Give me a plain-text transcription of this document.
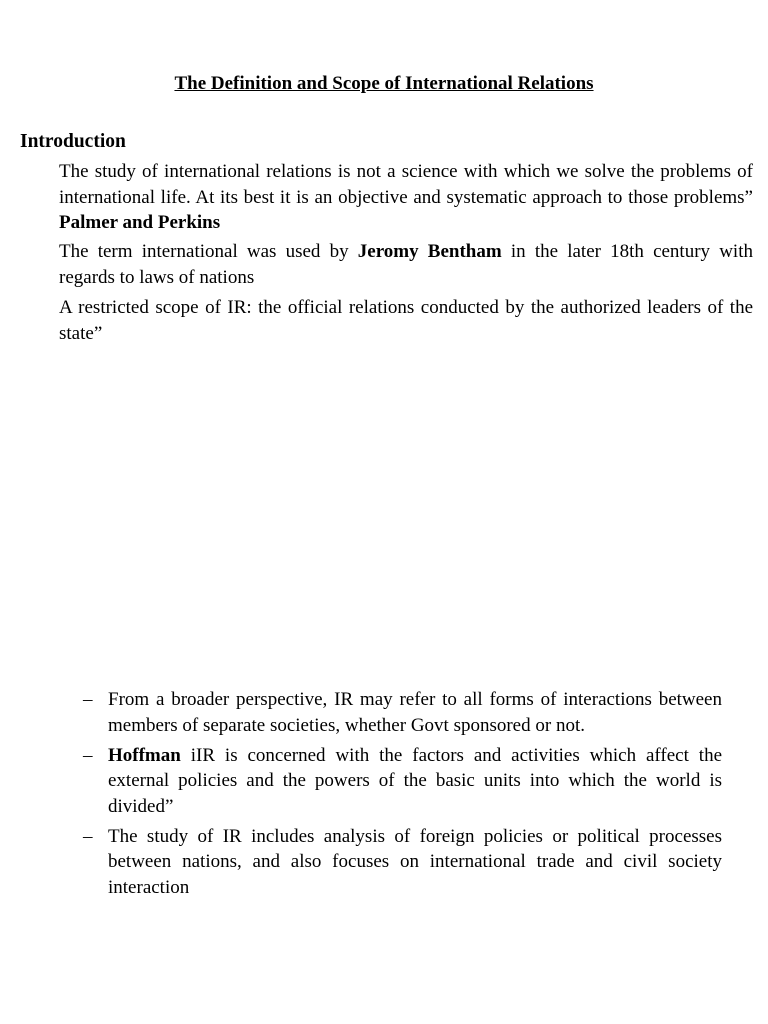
The Definition and Scope of International Relations
Introduction

The study of international relations is not a science with which we solve the problems of international life. At its best it is an objective and systematic approach to those problems” Palmer and Perkins

The term international was used by Jeromy Bentham in the later 18th century with regards to laws of nations

A restricted scope of IR: the official relations conducted by the authorized leaders of the state”

– From a broader perspective, IR may refer to all forms of interactions between members of separate societies, whether Govt sponsored or not.
– Hoffman iIR is concerned with the factors and activities which affect the external policies and the powers of the basic units into which the world is divided”
– The study of IR includes analysis of foreign policies or political processes between nations, and also focuses on international trade and civil society interaction
